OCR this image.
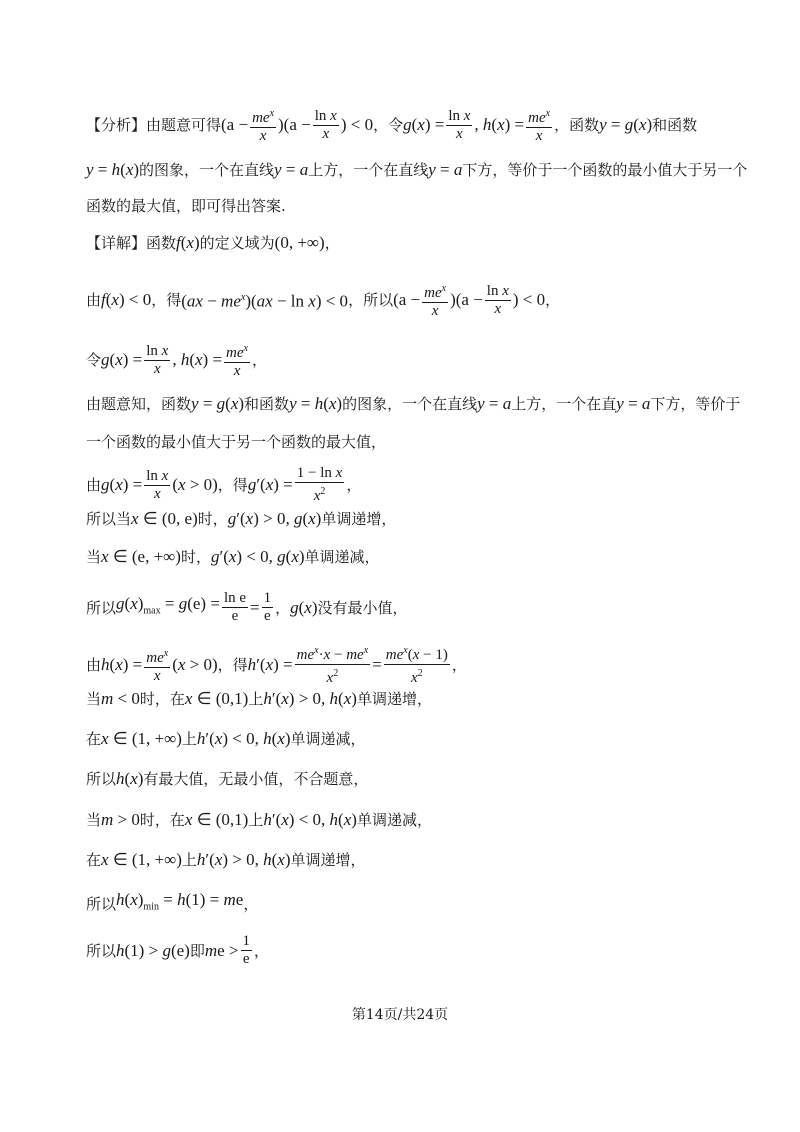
【分析】由题意可得 $(a - \frac{me^x}{x} )(a - \frac{\text{ln x}}{x}$ ) < 0 ，令 g $(x) = \frac{\text{ln x}}{x}$ , $h(x) = \frac{me^x}{x}$ ，函数 y = g(x) 和函数
y = h(x) 的图象，一个在直线 y = a 上方，一个在直线 y = a 下方，等价于一个函数的最小值大于另一个
函数的最大值，即可得出答案.
【详解】函数 f(x) 的定义域为 (0, +∞) ，
由 f(x) < 0 ，得 $(ax - me^x)(ax - \ln x) < 0$ ，所以 $(a - \frac{me^x}{x} )(a - \frac{\text{ln x}}{x}$ ) < 0 ，
令 $g(x) = \frac{\text{ln x}}{x}$ , $h(x) = \frac{me^x}{x}$ ，
由题意知，函数 y = g(x) 和函数 y = h(x) 的图象，一个在直线 y = a 上方，一个在直 y = a 下方，等价于
一个函数的最小值大于另一个函数的最大值，
由 $g(x) = \frac{\text{ln x}}{x} (x > 0)$ ，得 $g'(x) = \frac{\text{1 − ln x}}{x^2}$ ，
所以当 x ∈ (0, e) 时， g′(x) > 0, g(x) 单调递增，
当 x ∈ (e, +∞) 时， g′(x) < 0, g(x) 单调递减，
所以 $g(x)_{max} = g(e) = \frac{\text{ln e}}{e} = \frac{1}{e}$ ， g(x) 没有最小值，
由 $h(x) = \frac{me^x}{x} (x > 0)$ ，得 $h'(x) = \frac{me^x\cdot x - me^x}{x^2} = \frac{me^x(x - 1)}{x^2}$ ，
当 m < 0 时，在 x ∈ (0,1) 上 h′(x) > 0, h(x) 单调递增，
在 x ∈ (1, +∞) 上 h′(x) < 0, h(x) 单调递减，
所以 h(x) 有最大值，无最小值，不合题意，
当 m > 0 时，在 x ∈ (0,1) 上 h′(x) < 0, h(x) 单调递减，
在 x ∈ (1, +∞) 上 h′(x) > 0, h(x) 单调递增，
所以 $h(x)_{min} = h(1)$ = me ，
所以 h(1) > g(e) 即 me > $\frac{1}{e}$ ，
第14页/共24页
